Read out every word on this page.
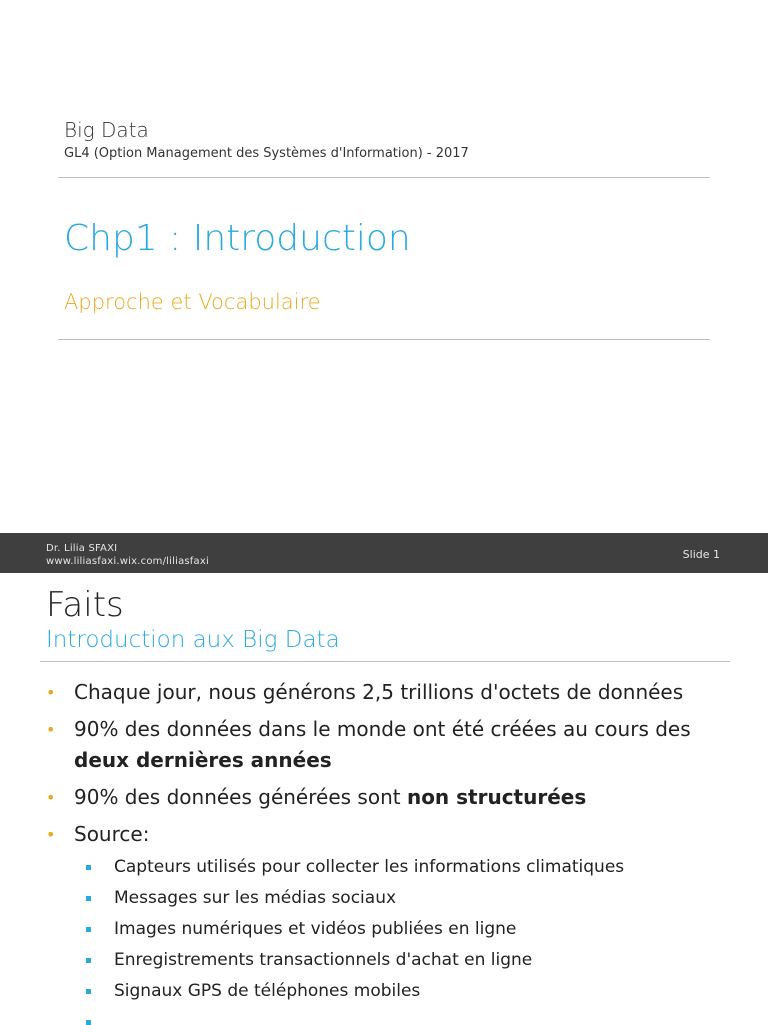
Big Data
GL4 (Option Management des Systèmes d'Information) - 2017
Chp1 : Introduction
Approche et Vocabulaire
Dr. Lilia SFAXI
www.liliasfaxi.wix.com/liliasfaxi
Slide 1
Faits
Introduction aux Big Data
• Chaque jour, nous générons 2,5 trillions d'octets de données
• 90% des données dans le monde ont été créées au cours des deux dernières années
• 90% des données générées sont non structurées
• Source:
Capteurs utilisés pour collecter les informations climatiques
Messages sur les médias sociaux
Images numériques et vidéos publiées en ligne
Enregistrements transactionnels d'achat en ligne
Signaux GPS de téléphones mobiles
